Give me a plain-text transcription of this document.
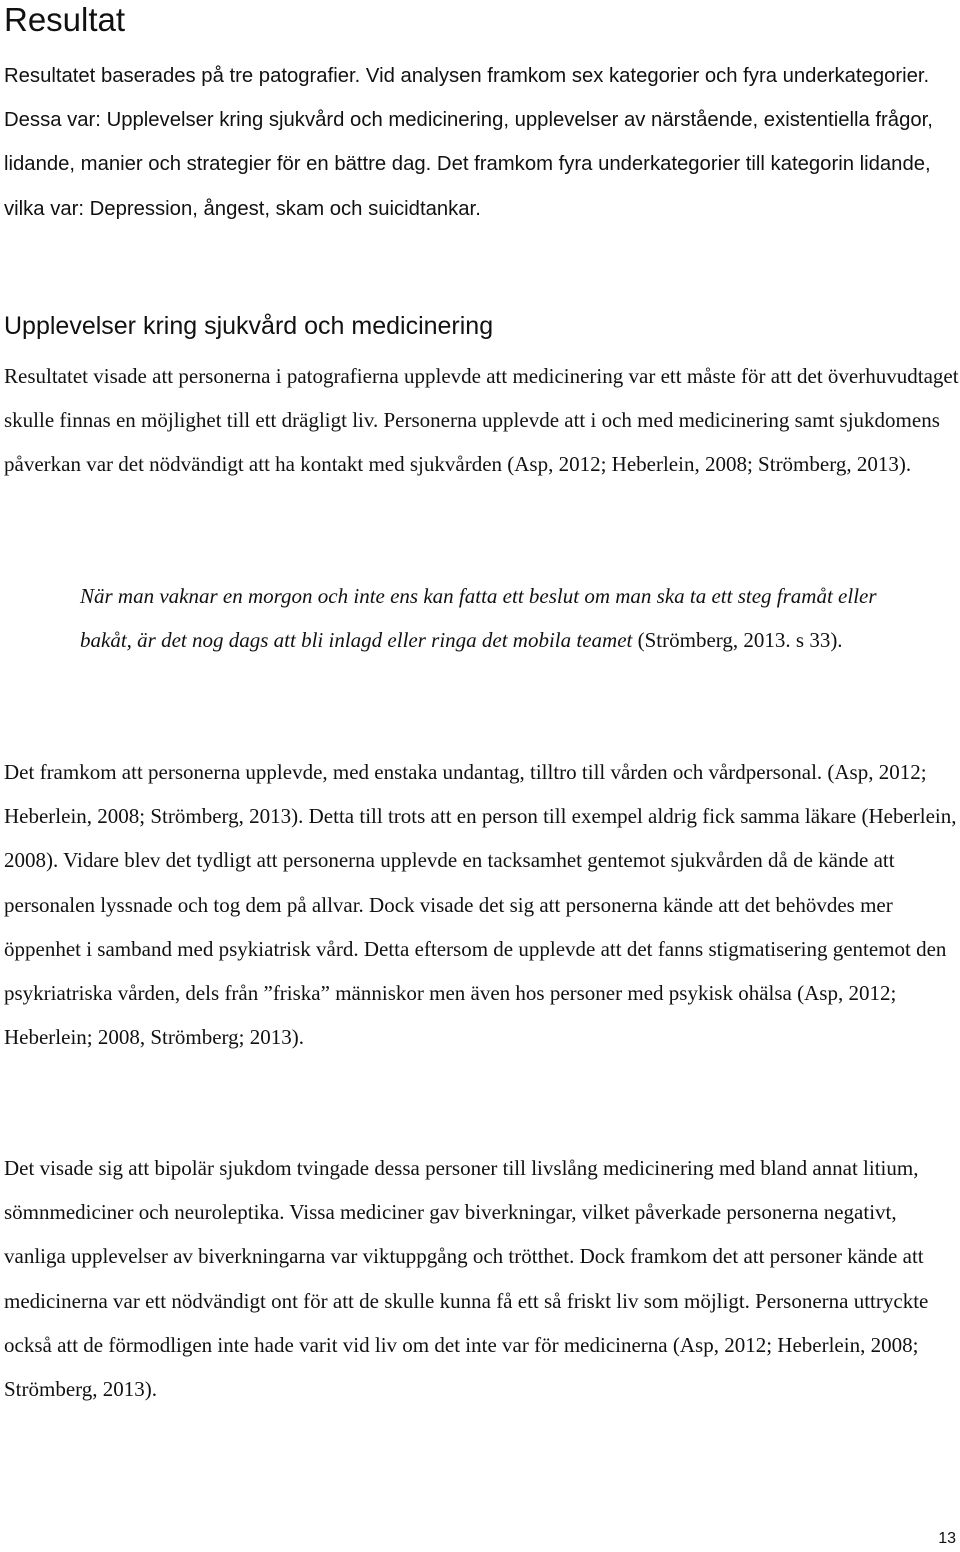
Resultat

Resultatet baserades på tre patografier. Vid analysen framkom sex kategorier och fyra underkategorier. Dessa var: Upplevelser kring sjukvård och medicinering, upplevelser av närstående, existentiella frågor, lidande, manier och strategier för en bättre dag. Det framkom fyra underkategorier till kategorin lidande, vilka var: Depression, ångest, skam och suicidtankar.

Upplevelser kring sjukvård och medicinering

Resultatet visade att personerna i patografierna upplevde att medicinering var ett måste för att det överhuvudtaget skulle finnas en möjlighet till ett drägligt liv. Personerna upplevde att i och med medicinering samt sjukdomens påverkan var det nödvändigt att ha kontakt med sjukvården (Asp, 2012; Heberlein, 2008; Strömberg, 2013).

När man vaknar en morgon och inte ens kan fatta ett beslut om man ska ta ett steg framåt eller bakåt, är det nog dags att bli inlagd eller ringa det mobila teamet (Strömberg, 2013. s 33).

Det framkom att personerna upplevde, med enstaka undantag, tilltro till vården och vårdpersonal. (Asp, 2012; Heberlein, 2008; Strömberg, 2013). Detta till trots att en person till exempel aldrig fick samma läkare (Heberlein, 2008). Vidare blev det tydligt att personerna upplevde en tacksamhet gentemot sjukvården då de kände att personalen lyssnade och tog dem på allvar. Dock visade det sig att personerna kände att det behövdes mer öppenhet i samband med psykiatrisk vård. Detta eftersom de upplevde att det fanns stigmatisering gentemot den psykriatriska vården, dels från ”friska” människor men även hos personer med psykisk ohälsa (Asp, 2012; Heberlein; 2008, Strömberg; 2013).

Det visade sig att bipolär sjukdom tvingade dessa personer till livslång medicinering med bland annat litium, sömnmediciner och neuroleptika. Vissa mediciner gav biverkningar, vilket påverkade personerna negativt, vanliga upplevelser av biverkningarna var viktuppgång och trötthet. Dock framkom det att personer kände att medicinerna var ett nödvändigt ont för att de skulle kunna få ett så friskt liv som möjligt. Personerna uttryckte också att de förmodligen inte hade varit vid liv om det inte var för medicinerna (Asp, 2012; Heberlein, 2008; Strömberg, 2013).

13
